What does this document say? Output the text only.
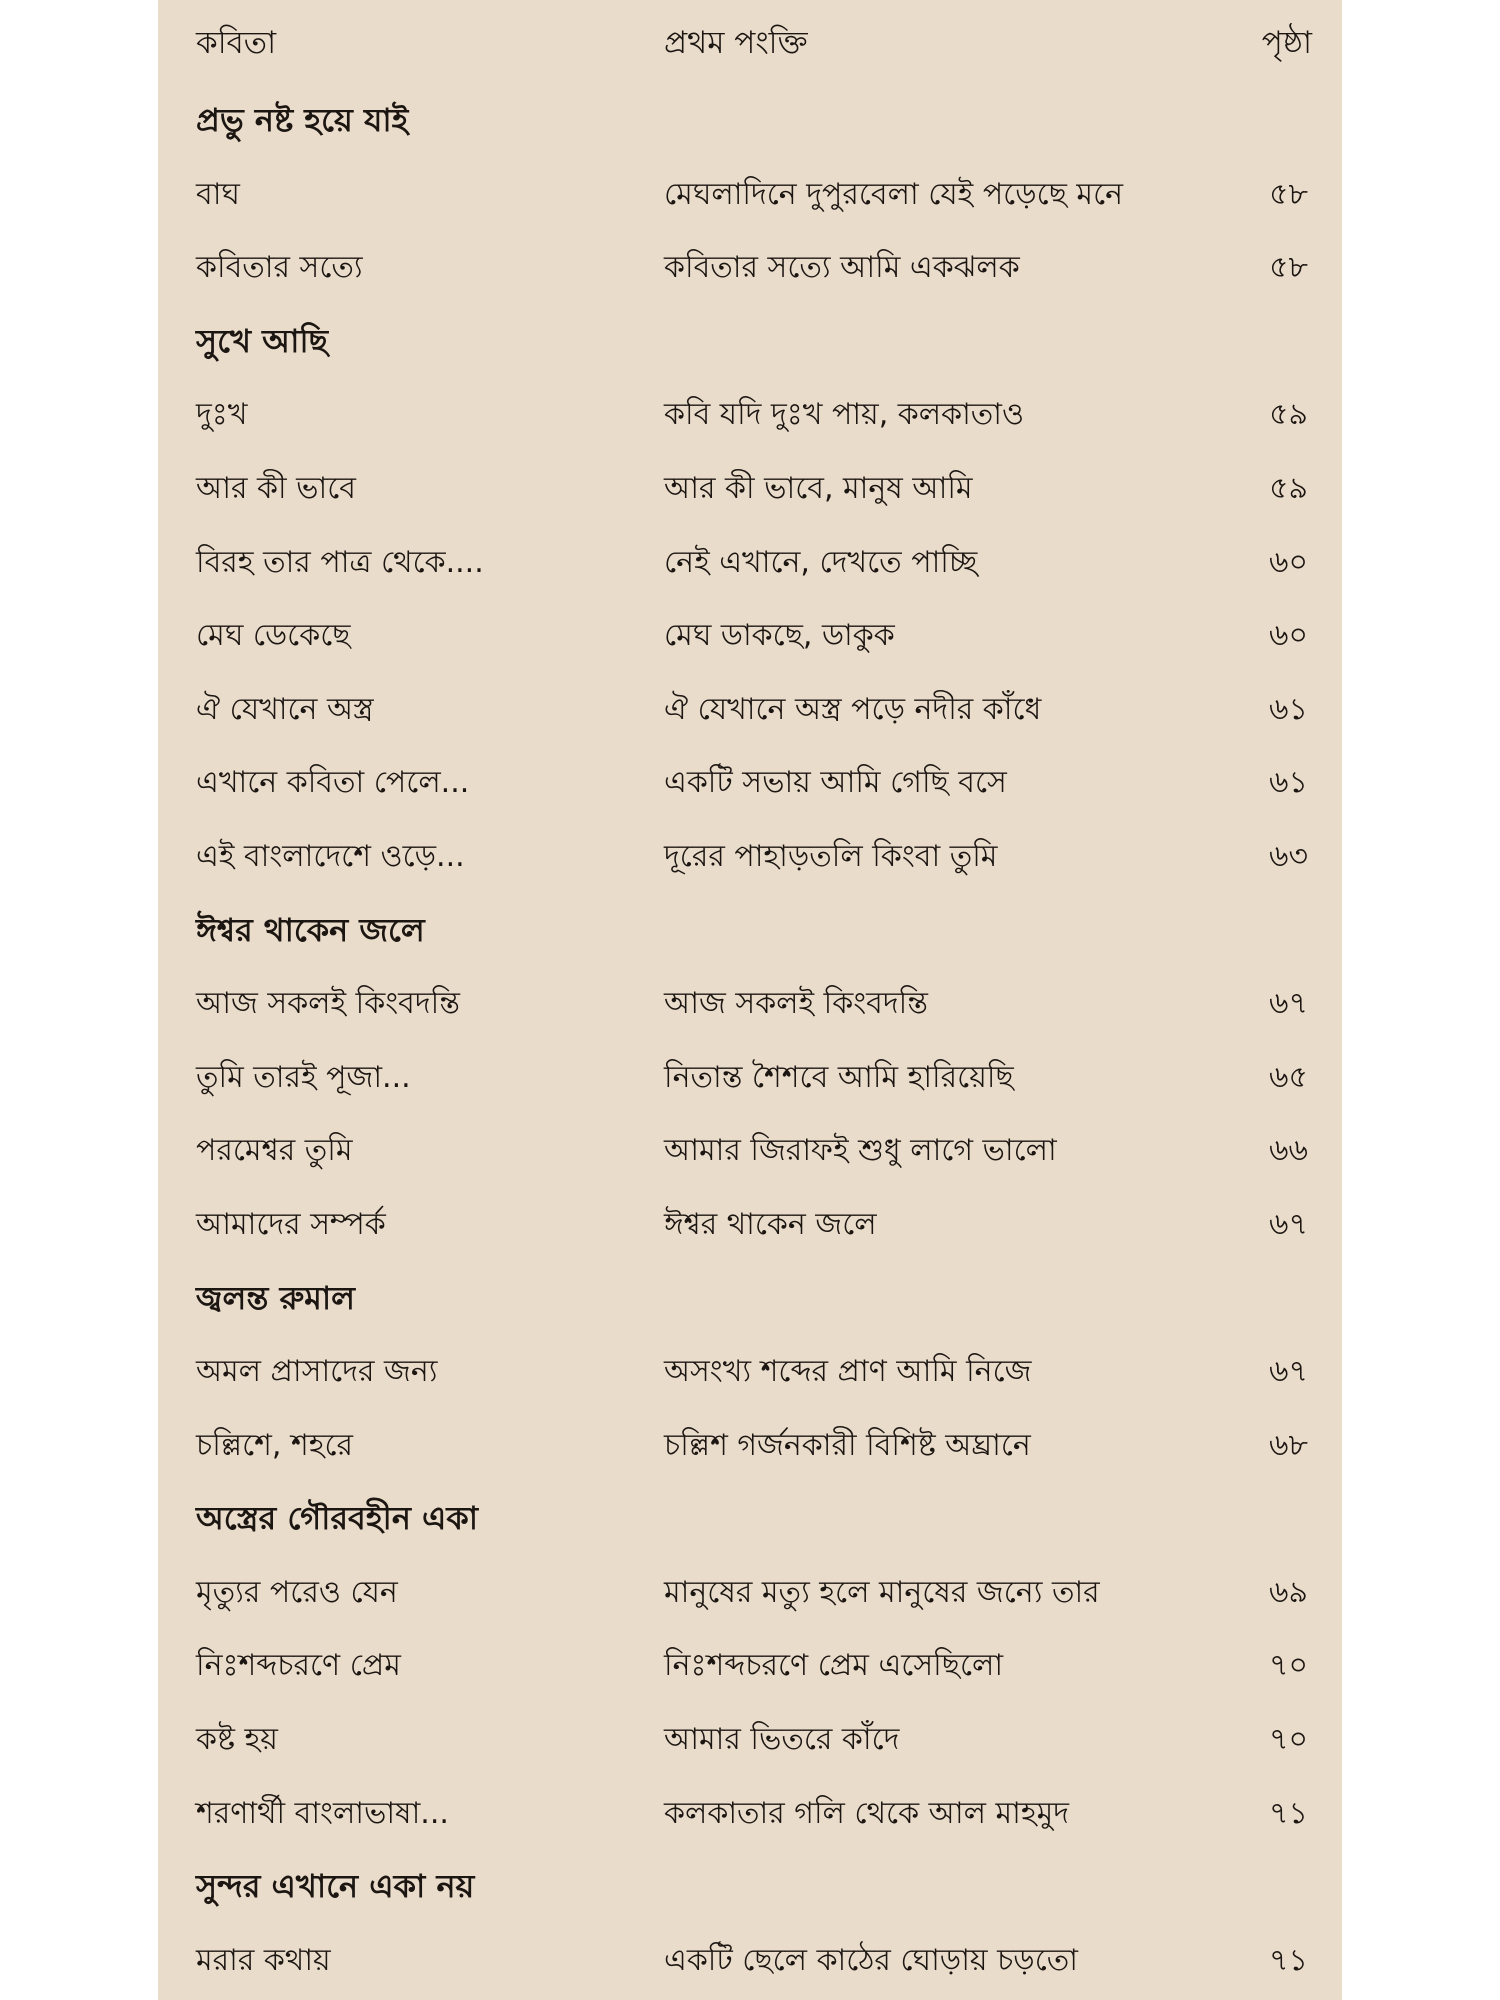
কবিতা	প্রথম পংক্তি	পৃষ্ঠা
প্রভু নষ্ট হয়ে যাই
বাঘ	মেঘলাদিনে দুপুরবেলা যেই পড়েছে মনে	৫৮
কবিতার সত্যে	কবিতার সত্যে আমি একঝলক	৫৮
সুখে আছি
দুঃখ	কবি যদি দুঃখ পায়, কলকাতাও	৫৯
আর কী ভাবে	আর কী ভাবে, মানুষ আমি	৫৯
বিরহ তার পাত্র থেকে....	নেই এখানে, দেখতে পাচ্ছি	৬০
মেঘ ডেকেছে	মেঘ ডাকছে, ডাকুক	৬০
ঐ যেখানে অস্ত্র	ঐ যেখানে অস্ত্র পড়ে নদীর কাঁধে	৬১
এখানে কবিতা পেলে...	একটি সভায় আমি গেছি বসে	৬১
এই বাংলাদেশে ওড়ে...	দূরের পাহাড়তলি কিংবা তুমি	৬৩
ঈশ্বর থাকেন জলে
আজ সকলই কিংবদন্তি	আজ সকলই কিংবদন্তি	৬৭
তুমি তারই পূজা...	নিতান্ত শৈশবে আমি হারিয়েছি	৬৫
পরমেশ্বর তুমি	আমার জিরাফই শুধু লাগে ভালো	৬৬
আমাদের সম্পর্ক	ঈশ্বর থাকেন জলে	৬৭
জ্বলন্ত রুমাল
অমল প্রাসাদের জন্য	অসংখ্য শব্দের প্রাণ আমি নিজে	৬৭
চল্লিশে, শহরে	চল্লিশ গর্জনকারী বিশিষ্ট অঘ্রানে	৬৮
অস্ত্রের গৌরবহীন একা
মৃত্যুর পরেও যেন	মানুষের মত্যু হলে মানুষের জন্যে তার	৬৯
নিঃশব্দচরণে প্রেম	নিঃশব্দচরণে প্রেম এসেছিলো	৭০
কষ্ট হয়	আমার ভিতরে কাঁদে	৭০
শরণার্থী বাংলাভাষা...	কলকাতার গলি থেকে আল মাহমুদ	৭১
সুন্দর এখানে একা নয়
মরার কথায়	একটি ছেলে কাঠের ঘোড়ায় চড়তো	৭১
